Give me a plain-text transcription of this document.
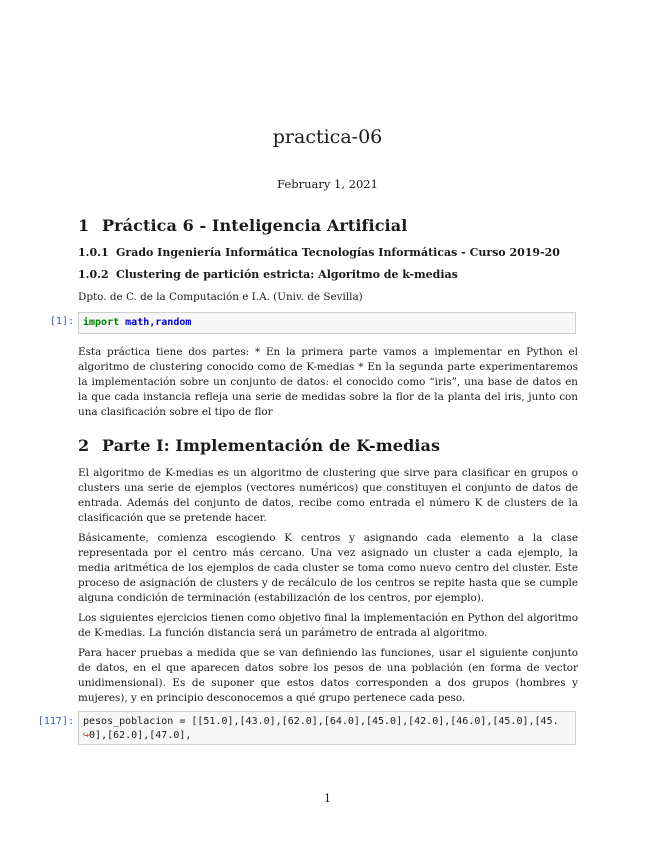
practica-06
February 1, 2021
1 Práctica 6 - Inteligencia Artificial
1.0.1 Grado Ingeniería Informática Tecnologías Informáticas - Curso 2019-20
1.0.2 Clustering de partición estricta: Algoritmo de k-medias

Dpto. de C. de la Computación e I.A. (Univ. de Sevilla)

[1]: import math,random

Esta práctica tiene dos partes: * En la primera parte vamos a implementar en Python el algoritmo de clustering conocido como de K-medias * En la segunda parte experimentaremos la implementación sobre un conjunto de datos: el conocido como “iris”, una base de datos en la que cada instancia refleja una serie de medidas sobre la flor de la planta del iris, junto con una clasificación sobre el tipo de flor

2 Parte I: Implementación de K-medias

El algoritmo de K-medias es un algoritmo de clustering que sirve para clasificar en grupos o clusters una serie de ejemplos (vectores numéricos) que constituyen el conjunto de datos de entrada. Además del conjunto de datos, recibe como entrada el número K de clusters de la clasificación que se pretende hacer.

Básicamente, comienza escogiendo K centros y asignando cada elemento a la clase representada por el centro más cercano. Una vez asignado un cluster a cada ejemplo, la media aritmética de los ejemplos de cada cluster se toma como nuevo centro del cluster. Este proceso de asignación de clusters y de recálculo de los centros se repite hasta que se cumple alguna condición de terminación (estabilización de los centros, por ejemplo).

Los siguientes ejercicios tienen como objetivo final la implementación en Python del algoritmo de K-medias. La función distancia será un parámetro de entrada al algoritmo.

Para hacer pruebas a medida que se van definiendo las funciones, usar el siguiente conjunto de datos, en el que aparecen datos sobre los pesos de una población (en forma de vector unidimensional). Es de suponer que estos datos corresponden a dos grupos (hombres y mujeres), y en principio desconocemos a qué grupo pertenece cada peso.

[117]: pesos_poblacion = [[51.0],[43.0],[62.0],[64.0],[45.0],[42.0],[46.0],[45.0],[45.
↪0],[62.0],[47.0],
1
